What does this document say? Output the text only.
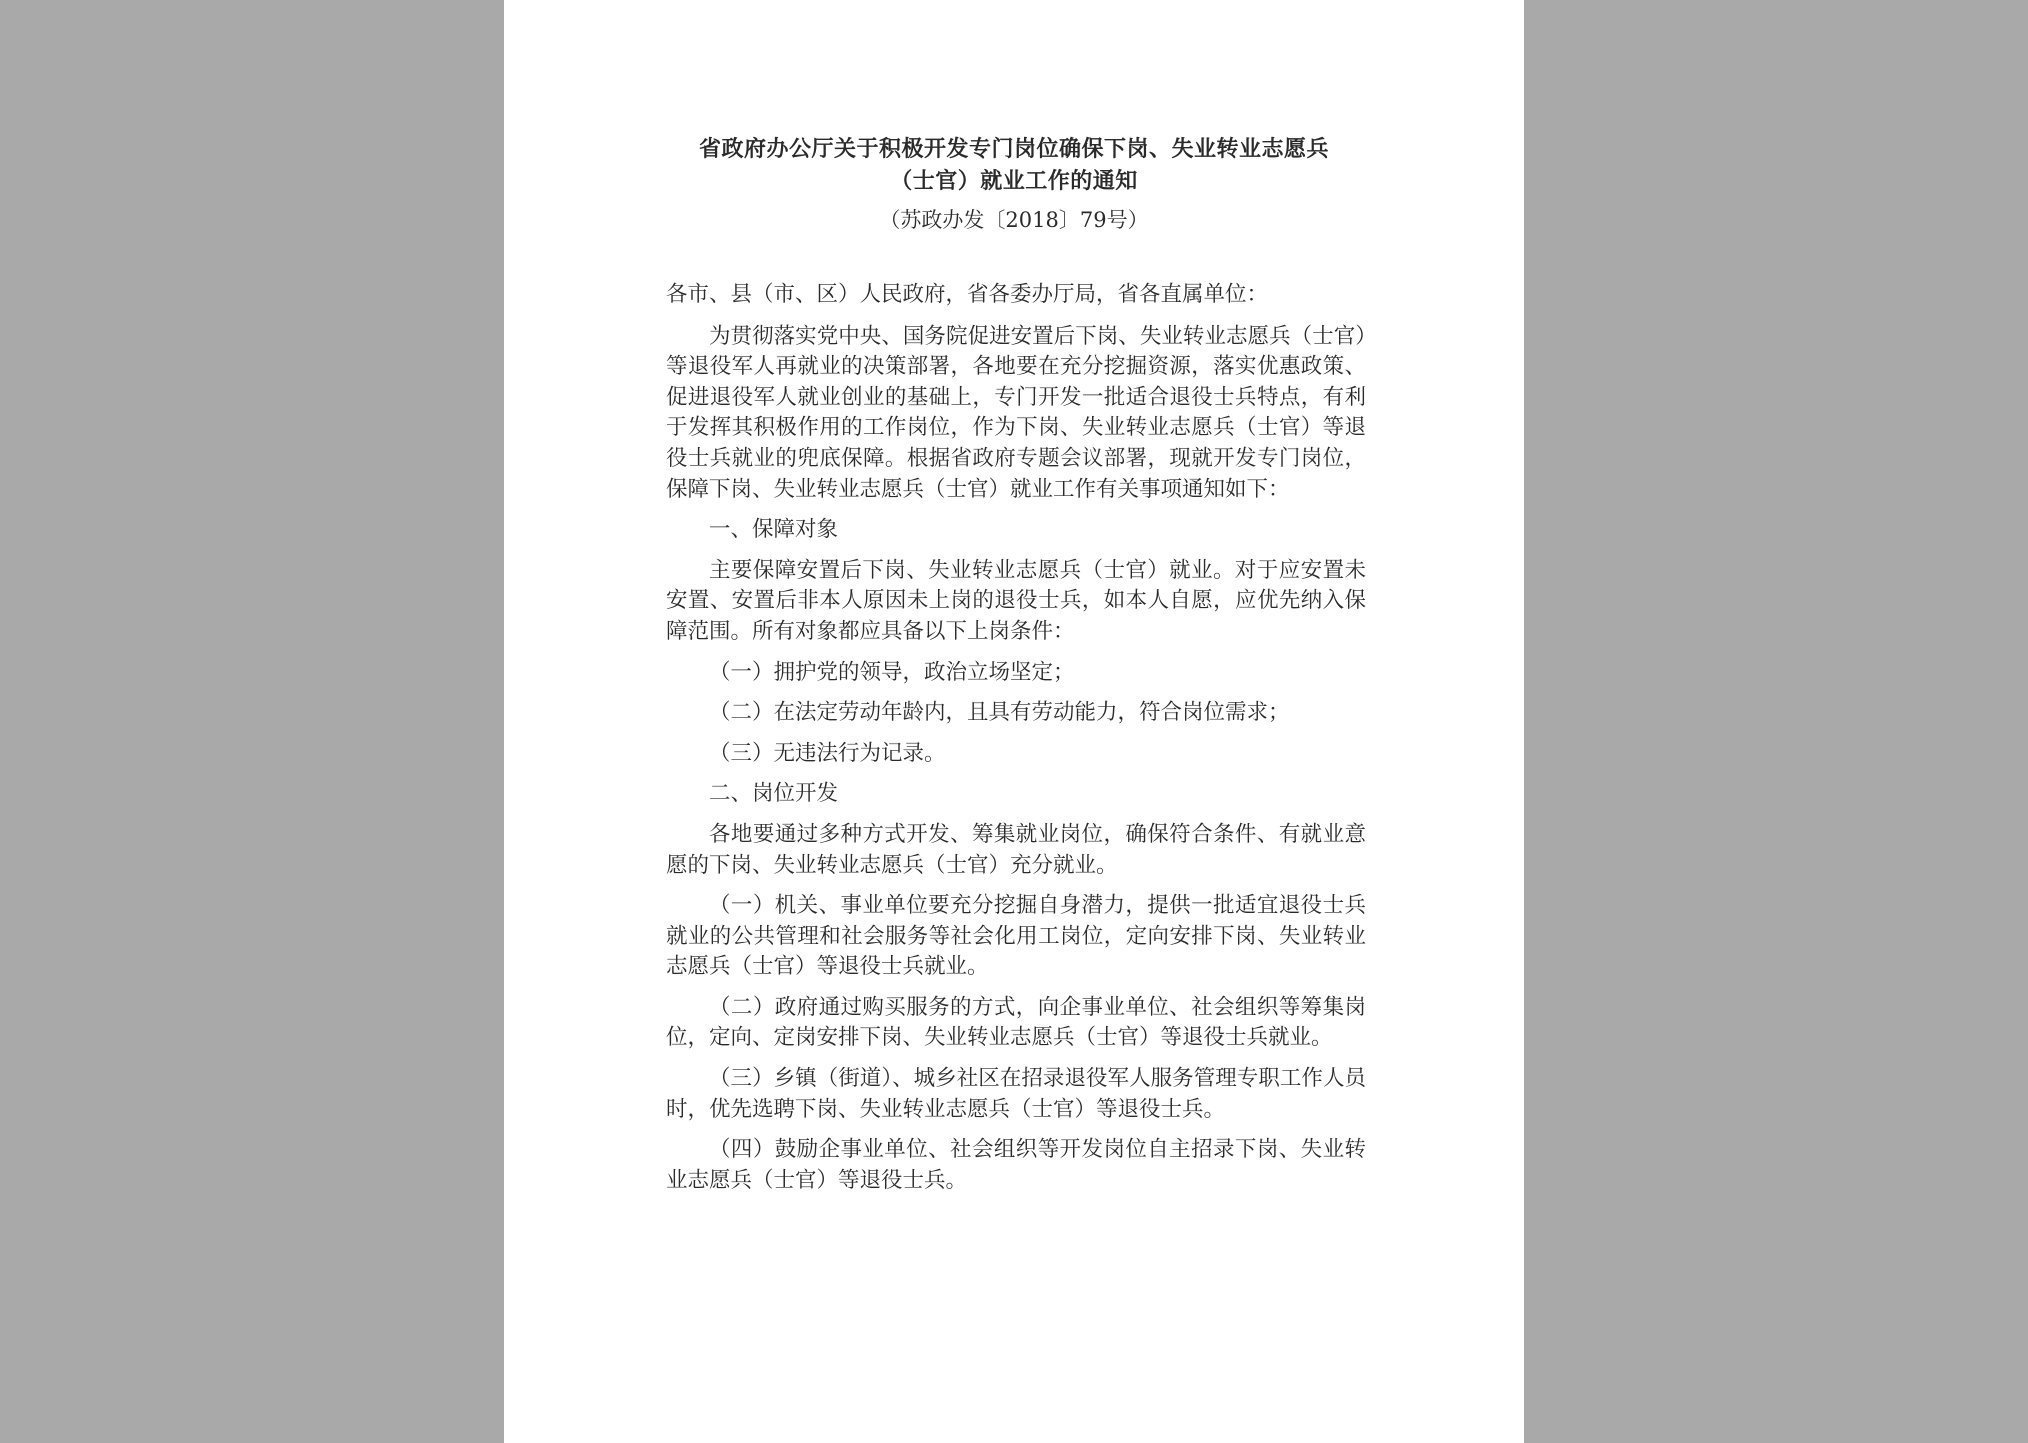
省政府办公厅关于积极开发专门岗位确保下岗、失业转业志愿兵
（士官）就业工作的通知
（苏政办发〔2018〕79号）

各市、县（市、区）人民政府，省各委办厅局，省各直属单位：

为贯彻落实党中央、国务院促进安置后下岗、失业转业志愿兵（士官）等退役军人再就业的决策部署，各地要在充分挖掘资源，落实优惠政策、促进退役军人就业创业的基础上，专门开发一批适合退役士兵特点，有利于发挥其积极作用的工作岗位，作为下岗、失业转业志愿兵（士官）等退役士兵就业的兜底保障。根据省政府专题会议部署，现就开发专门岗位，保障下岗、失业转业志愿兵（士官）就业工作有关事项通知如下：

一、保障对象

主要保障安置后下岗、失业转业志愿兵（士官）就业。对于应安置未安置、安置后非本人原因未上岗的退役士兵，如本人自愿，应优先纳入保障范围。所有对象都应具备以下上岗条件：

（一）拥护党的领导，政治立场坚定；

（二）在法定劳动年龄内，且具有劳动能力，符合岗位需求；

（三）无违法行为记录。

二、岗位开发

各地要通过多种方式开发、筹集就业岗位，确保符合条件、有就业意愿的下岗、失业转业志愿兵（士官）充分就业。

（一）机关、事业单位要充分挖掘自身潜力，提供一批适宜退役士兵就业的公共管理和社会服务等社会化用工岗位，定向安排下岗、失业转业志愿兵（士官）等退役士兵就业。

（二）政府通过购买服务的方式，向企事业单位、社会组织等筹集岗位，定向、定岗安排下岗、失业转业志愿兵（士官）等退役士兵就业。

（三）乡镇（街道）、城乡社区在招录退役军人服务管理专职工作人员时，优先选聘下岗、失业转业志愿兵（士官）等退役士兵。

（四）鼓励企事业单位、社会组织等开发岗位自主招录下岗、失业转业志愿兵（士官）等退役士兵。
